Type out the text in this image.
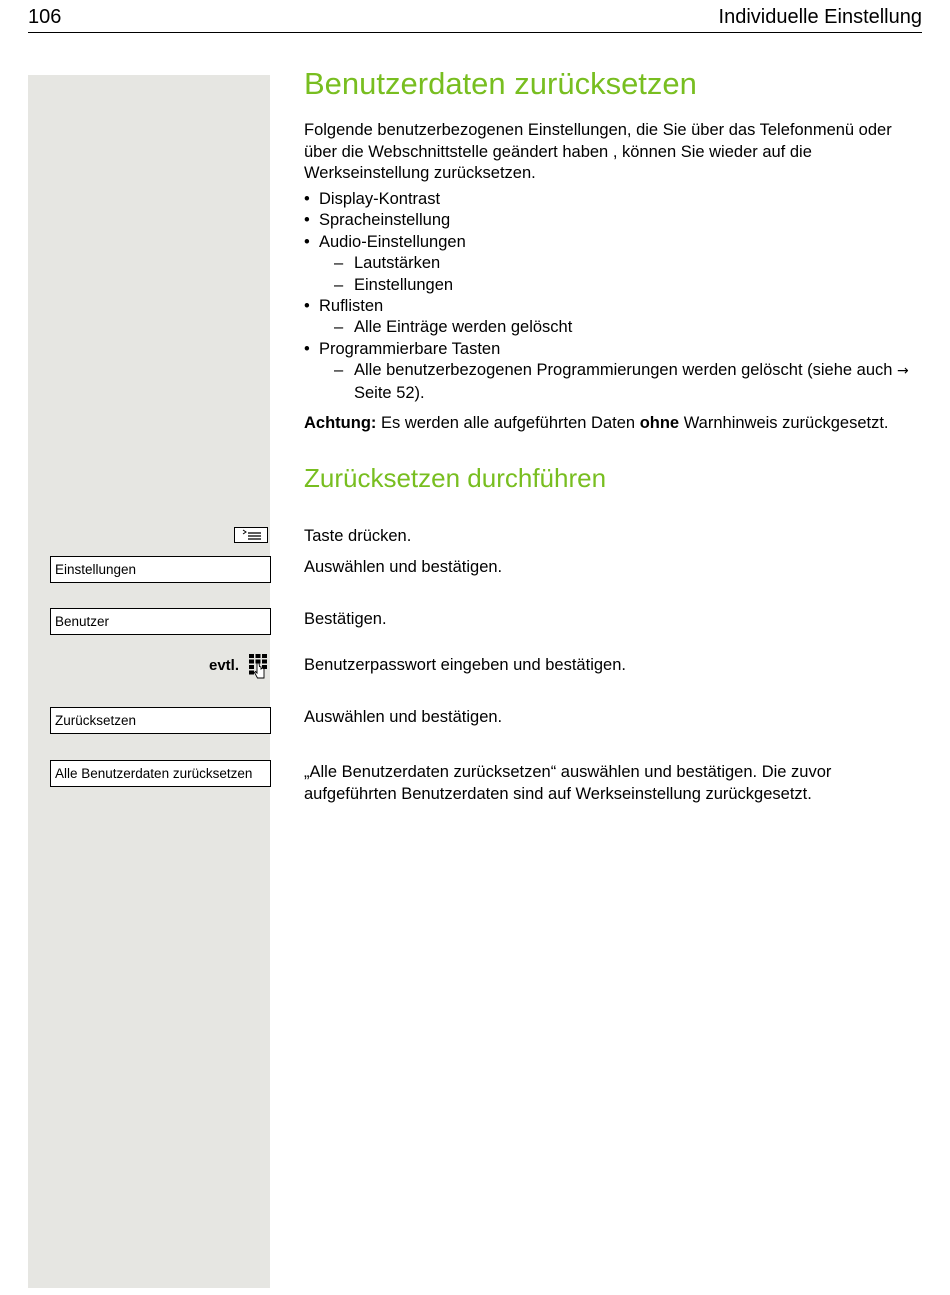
106	Individuelle Einstellung
Benutzerdaten zurücksetzen
Folgende benutzerbezogenen Einstellungen, die Sie über das Telefonmenü oder über die Webschnittstelle geändert haben , können Sie wieder auf die Werkseinstellung zurücksetzen.
• Display-Kontrast
• Spracheinstellung
• Audio-Einstellungen
– Lautstärken
– Einstellungen
• Ruflisten
– Alle Einträge werden gelöscht
• Programmierbare Tasten
– Alle benutzerbezogenen Programmierungen werden gelöscht (siehe auch → Seite 52).
Achtung: Es werden alle aufgeführten Daten ohne Warnhinweis zurückgesetzt.
Zurücksetzen durchführen
Einstellungen
Benutzer
evtl.
Zurücksetzen
Alle Benutzerdaten zurücksetzen
Taste drücken.
Auswählen und bestätigen.
Bestätigen.
Benutzerpasswort eingeben und bestätigen.
Auswählen und bestätigen.
„Alle Benutzerdaten zurücksetzen“ auswählen und bestätigen. Die zuvor aufgeführten Benutzerdaten sind auf Werkseinstellung zurückgesetzt.
